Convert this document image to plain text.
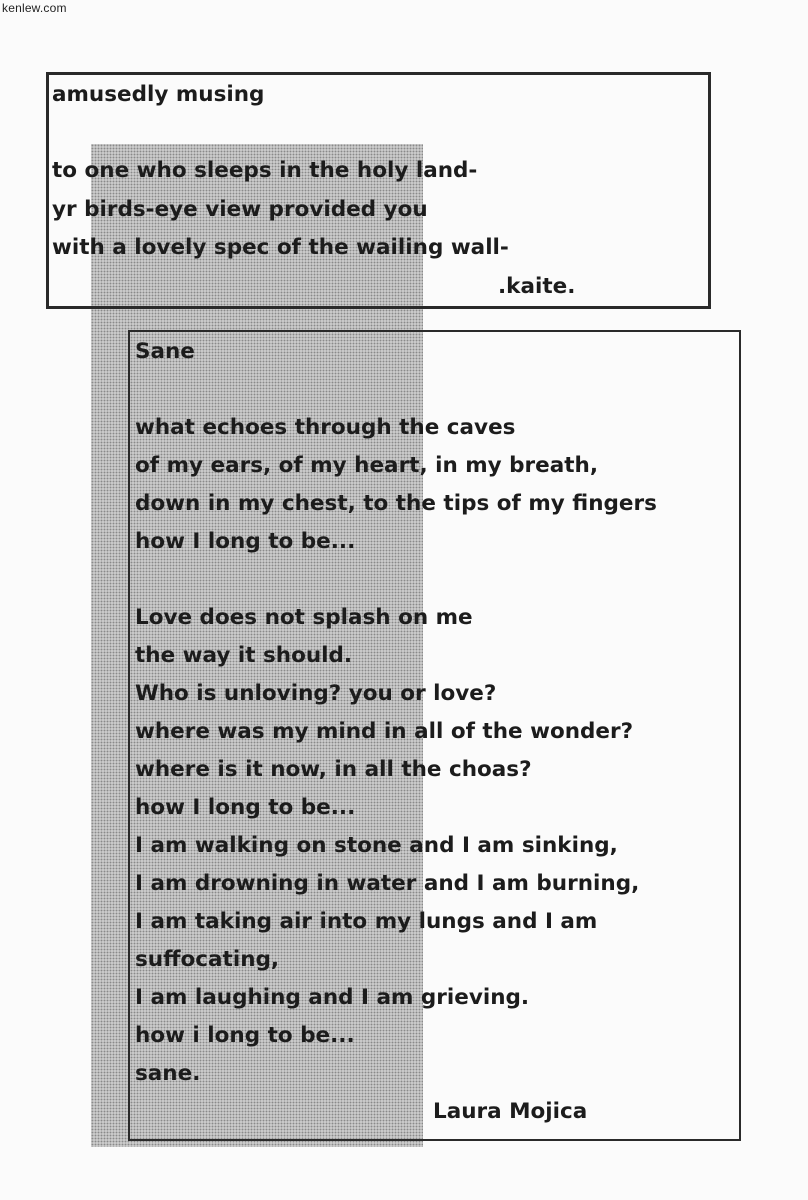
kenlew.com
amusedly musing
to one who sleeps in the holy land-
yr birds-eye view provided you
with a lovely spec of the wailing wall-
.kaite.
Sane
what echoes through the caves
of my ears, of my heart, in my breath,
down in my chest, to the tips of my fingers
how I long to be...
Love does not splash on me
the way it should.
Who is unloving? you or love?
where was my mind in all of the wonder?
where is it now, in all the choas?
how I long to be...
I am walking on stone and I am sinking,
I am drowning in water and I am burning,
I am taking air into my lungs and I am
suffocating,
I am laughing and I am grieving.
how i long to be...
sane.
Laura Mojica
